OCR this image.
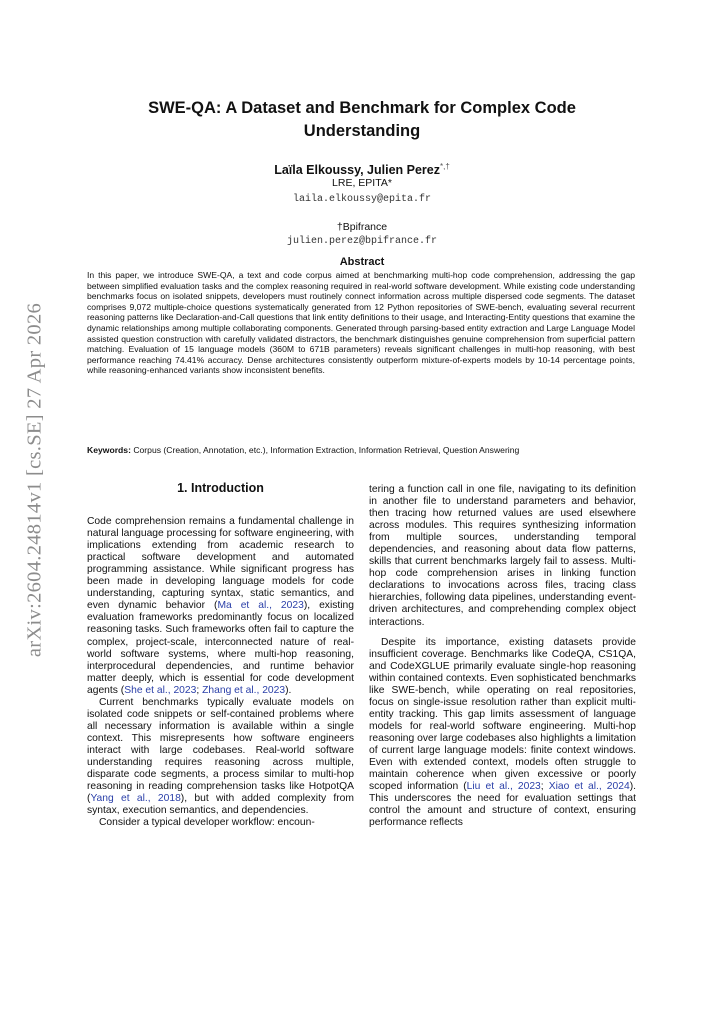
arXiv:2604.24814v1 [cs.SE] 27 Apr 2026
SWE-QA: A Dataset and Benchmark for Complex Code Understanding
Laïla Elkoussy, Julien Perez*,†
LRE, EPITA*
laila.elkoussy@epita.fr
†Bpifrance
julien.perez@bpifrance.fr
Abstract
In this paper, we introduce SWE-QA, a text and code corpus aimed at benchmarking multi-hop code comprehension, addressing the gap between simplified evaluation tasks and the complex reasoning required in real-world software development. While existing code understanding benchmarks focus on isolated snippets, developers must routinely connect information across multiple dispersed code segments. The dataset comprises 9,072 multiple-choice questions systematically generated from 12 Python repositories of SWE-bench, evaluating several recurrent reasoning patterns like Declaration-and-Call questions that link entity definitions to their usage, and Interacting-Entity questions that examine the dynamic relationships among multiple collaborating components. Generated through parsing-based entity extraction and Large Language Model assisted question construction with carefully validated distractors, the benchmark distinguishes genuine comprehension from superficial pattern matching. Evaluation of 15 language models (360M to 671B parameters) reveals significant challenges in multi-hop reasoning, with best performance reaching 74.41% accuracy. Dense architectures consistently outperform mixture-of-experts models by 10-14 percentage points, while reasoning-enhanced variants show inconsistent benefits.
Keywords: Corpus (Creation, Annotation, etc.), Information Extraction, Information Retrieval, Question Answering
1. Introduction

Code comprehension remains a fundamental challenge in natural language processing for software engineering, with implications extending from academic research to practical software development and automated programming assistance. While significant progress has been made in developing language models for code understanding, capturing syntax, static semantics, and even dynamic behavior (Ma et al., 2023), existing evaluation frameworks predominantly focus on localized reasoning tasks. Such frameworks often fail to capture the complex, project-scale, interconnected nature of real-world software systems, where multi-hop reasoning, interprocedural dependencies, and runtime behavior matter deeply, which is essential for code development agents (She et al., 2023; Zhang et al., 2023).

Current benchmarks typically evaluate models on isolated code snippets or self-contained problems where all necessary information is available within a single context. This misrepresents how software engineers interact with large codebases. Real-world software understanding requires reasoning across multiple, disparate code segments, a process similar to multi-hop reasoning in reading comprehension tasks like HotpotQA (Yang et al., 2018), but with added complexity from syntax, execution semantics, and dependencies.

Consider a typical developer workflow: encoun-

tering a function call in one file, navigating to its definition in another file to understand parameters and behavior, then tracing how returned values are used elsewhere across modules. This requires synthesizing information from multiple sources, understanding temporal dependencies, and reasoning about data flow patterns, skills that current benchmarks largely fail to assess. Multi-hop code comprehension arises in linking function declarations to invocations across files, tracing class hierarchies, following data pipelines, understanding event-driven architectures, and comprehending complex object interactions.

Despite its importance, existing datasets provide insufficient coverage. Benchmarks like CodeQA, CS1QA, and CodeXGLUE primarily evaluate single-hop reasoning within contained contexts. Even sophisticated benchmarks like SWE-bench, while operating on real repositories, focus on single-issue resolution rather than explicit multi-entity tracking. This gap limits assessment of language models for real-world software engineering. Multi-hop reasoning over large codebases also highlights a limitation of current large language models: finite context windows. Even with extended context, models often struggle to maintain coherence when given excessive or poorly scoped information (Liu et al., 2023; Xiao et al., 2024). This underscores the need for evaluation settings that control the amount and structure of context, ensuring performance reflects
